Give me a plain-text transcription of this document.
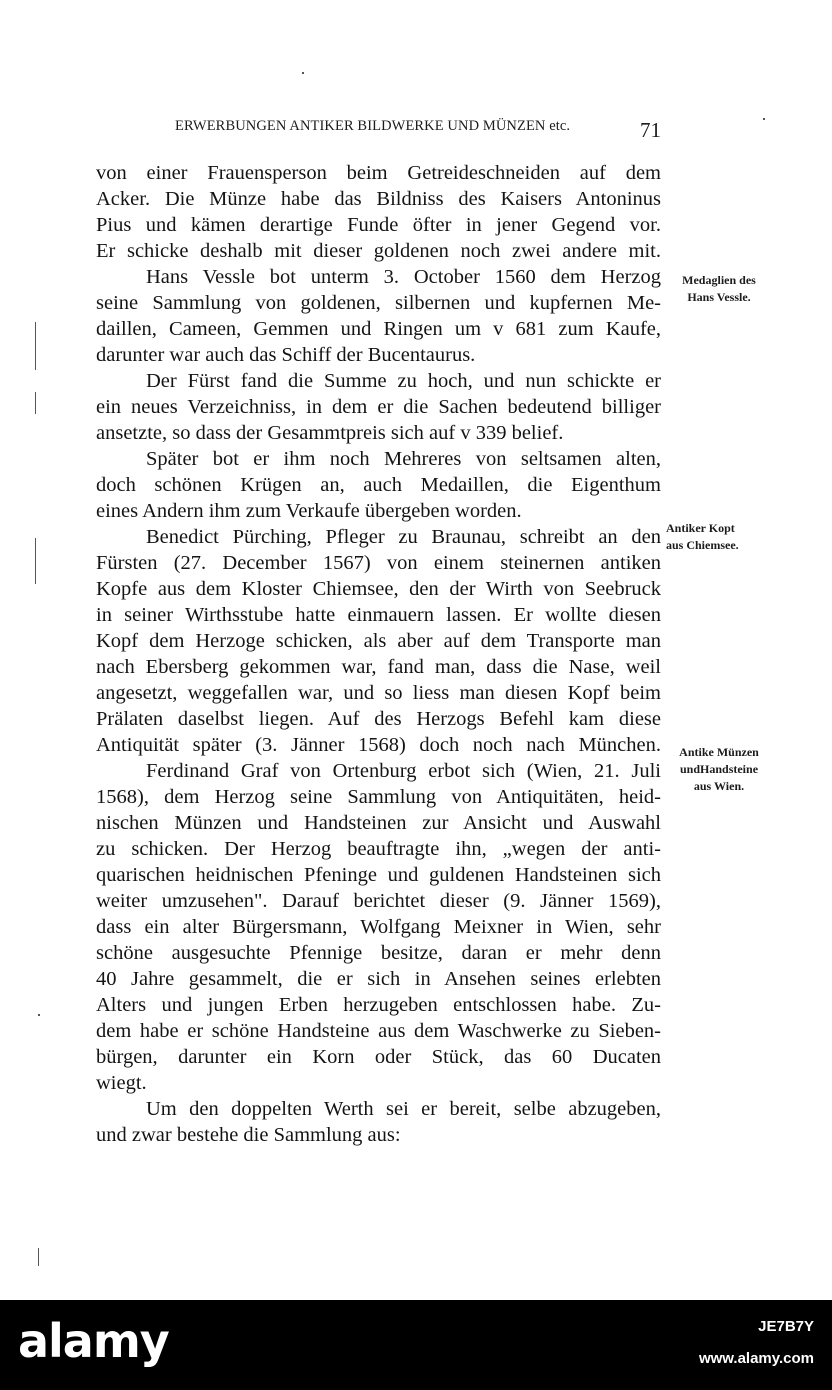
ERWERBUNGEN ANTIKER BILDWERKE UND MÜNZEN etc.	71
von einer Frauensperson beim Getreideschneiden auf dem
Acker. Die Münze habe das Bildniss des Kaisers Antoninus
Pius und kämen derartige Funde öfter in jener Gegend vor.
Er schicke deshalb mit dieser goldenen noch zwei andere mit.
Hans Vessle bot unterm 3. October 1560 dem Herzog
seine Sammlung von goldenen, silbernen und kupfernen Me-
daillen, Cameen, Gemmen und Ringen um v 681 zum Kaufe,
darunter war auch das Schiff der Bucentaurus.
Der Fürst fand die Summe zu hoch, und nun schickte er
ein neues Verzeichniss, in dem er die Sachen bedeutend billiger
ansetzte, so dass der Gesammtpreis sich auf v 339 belief.
Später bot er ihm noch Mehreres von seltsamen alten,
doch schönen Krügen an, auch Medaillen, die Eigenthum
eines Andern ihm zum Verkaufe übergeben worden.
Benedict Pürching, Pfleger zu Braunau, schreibt an den
Fürsten (27. December 1567) von einem steinernen antiken
Kopfe aus dem Kloster Chiemsee, den der Wirth von Seebruck
in seiner Wirthsstube hatte einmauern lassen. Er wollte diesen
Kopf dem Herzoge schicken, als aber auf dem Transporte man
nach Ebersberg gekommen war, fand man, dass die Nase, weil
angesetzt, weggefallen war, und so liess man diesen Kopf beim
Prälaten daselbst liegen. Auf des Herzogs Befehl kam diese
Antiquität später (3. Jänner 1568) doch noch nach München.
Ferdinand Graf von Ortenburg erbot sich (Wien, 21. Juli
1568), dem Herzog seine Sammlung von Antiquitäten, heid-
nischen Münzen und Handsteinen zur Ansicht und Auswahl
zu schicken. Der Herzog beauftragte ihn, „wegen der anti-
quarischen heidnischen Pfeninge und guldenen Handsteinen sich
weiter umzusehen". Darauf berichtet dieser (9. Jänner 1569),
dass ein alter Bürgersmann, Wolfgang Meixner in Wien, sehr
schöne ausgesuchte Pfennige besitze, daran er mehr denn
40 Jahre gesammelt, die er sich in Ansehen seines erlebten
Alters und jungen Erben herzugeben entschlossen habe. Zu-
dem habe er schöne Handsteine aus dem Waschwerke zu Sieben-
bürgen, darunter ein Korn oder Stück, das 60 Ducaten
wiegt.
Um den doppelten Werth sei er bereit, selbe abzugeben,
und zwar bestehe die Sammlung aus:
Medaglien des
Hans Vessle.
Antiker Kopt
aus Chiemsee.
Antike Münzen
undHandsteine
aus Wien.
alamy	JE7B7Y
www.alamy.com
